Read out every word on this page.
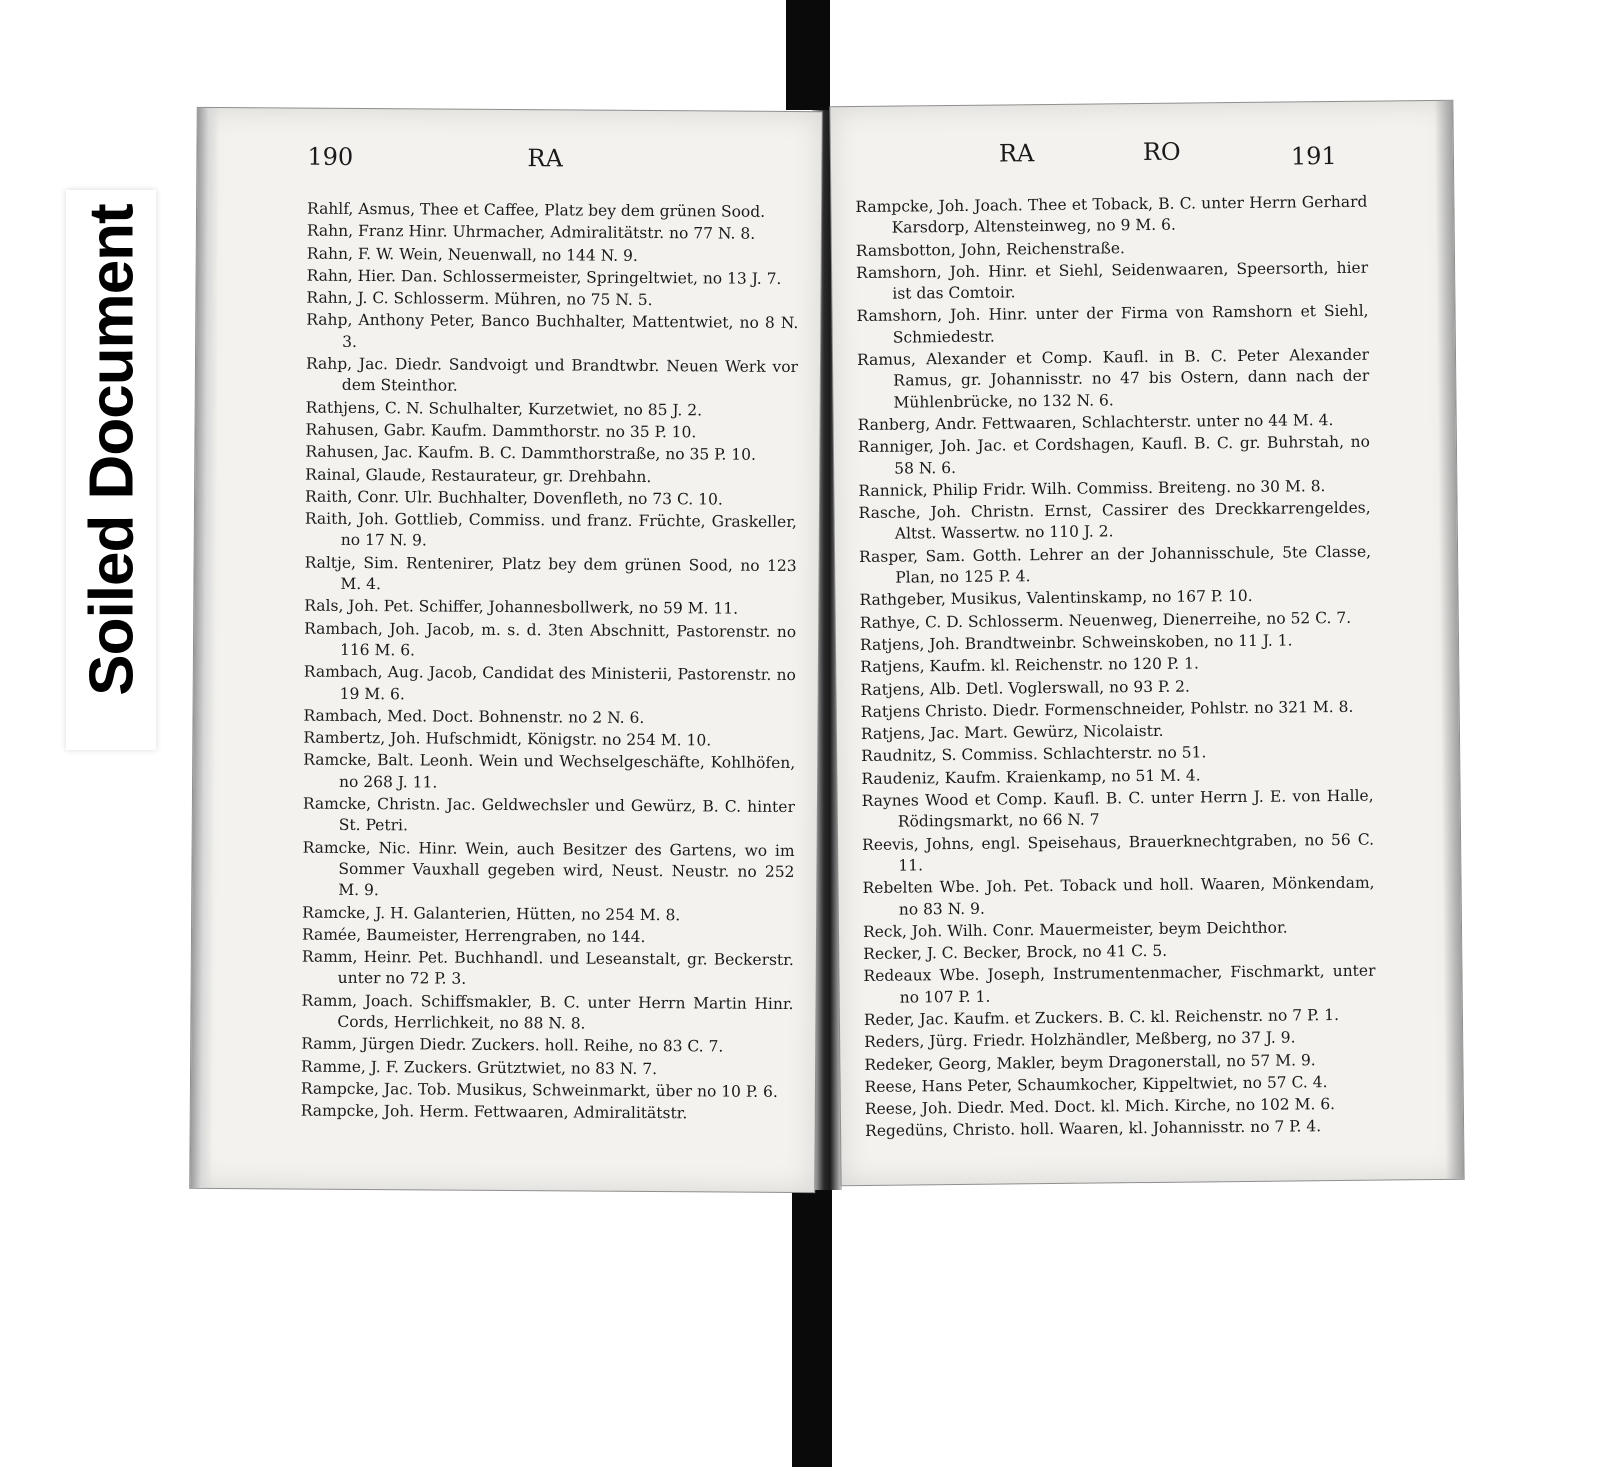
Soiled Document
190	RA
Rahlf, Asmus, Thee et Caffee, Platz bey dem grünen Sood.
Rahn, Franz Hinr. Uhrmacher, Admiralitätstr. no 77 N. 8.
Rahn, F. W. Wein, Neuenwall, no 144 N. 9.
Rahn, Hier. Dan. Schlossermeister, Springeltwiet, no 13 J. 7.
Rahn, J. C. Schlosserm. Mühren, no 75 N. 5.
Rahp, Anthony Peter, Banco Buchhalter, Mattentwiet, no 8 N. 3.
Rahp, Jac. Diedr. Sandvoigt und Brandtwbr. Neuen Werk vor dem Steinthor.
Rathjens, C. N. Schulhalter, Kurzetwiet, no 85 J. 2.
Rahusen, Gabr. Kaufm. Dammthorstr. no 35 P. 10.
Rahusen, Jac. Kaufm. B. C. Dammthorstraße, no 35 P. 10.
Rainal, Glaude, Restaurateur, gr. Drehbahn.
Raith, Conr. Ulr. Buchhalter, Dovenfleth, no 73 C. 10.
Raith, Joh. Gottlieb, Commiss. und franz. Früchte, Graskeller, no 17 N. 9.
Raltje, Sim. Rentenirer, Platz bey dem grünen Sood, no 123 M. 4.
Rals, Joh. Pet. Schiffer, Johannesbollwerk, no 59 M. 11.
Rambach, Joh. Jacob, m. s. d. 3ten Abschnitt, Pastorenstr. no 116 M. 6.
Rambach, Aug. Jacob, Candidat des Ministerii, Pastorenstr. no 19 M. 6.
Rambach, Med. Doct. Bohnenstr. no 2 N. 6.
Rambertz, Joh. Hufschmidt, Königstr. no 254 M. 10.
Ramcke, Balt. Leonh. Wein und Wechselgeschäfte, Kohlhöfen, no 268 J. 11.
Ramcke, Christn. Jac. Geldwechsler und Gewürz, B. C. hinter St. Petri.
Ramcke, Nic. Hinr. Wein, auch Besitzer des Gartens, wo im Sommer Vauxhall gegeben wird, Neust. Neustr. no 252 M. 9.
Ramcke, J. H. Galanterien, Hütten, no 254 M. 8.
Ramée, Baumeister, Herrengraben, no 144.
Ramm, Heinr. Pet. Buchhandl. und Leseanstalt, gr. Beckerstr. unter no 72 P. 3.
Ramm, Joach. Schiffsmakler, B. C. unter Herrn Martin Hinr. Cords, Herrlichkeit, no 88 N. 8.
Ramm, Jürgen Diedr. Zuckers. holl. Reihe, no 83 C. 7.
Ramme, J. F. Zuckers. Grütztwiet, no 83 N. 7.
Rampcke, Jac. Tob. Musikus, Schweinmarkt, über no 10 P. 6.
Rampcke, Joh. Herm. Fettwaaren, Admiralitätstr.
RA	RO	191
Rampcke, Joh. Joach. Thee et Toback, B. C. unter Herrn Gerhard Karsdorp, Altensteinweg, no 9 M. 6.
Ramsbotton, John, Reichenstraße.
Ramshorn, Joh. Hinr. et Siehl, Seidenwaaren, Speersorth, hier ist das Comtoir.
Ramshorn, Joh. Hinr. unter der Firma von Ramshorn et Siehl, Schmiedestr.
Ramus, Alexander et Comp. Kaufl. in B. C. Peter Alexander Ramus, gr. Johannisstr. no 47 bis Ostern, dann nach der Mühlenbrücke, no 132 N. 6.
Ranberg, Andr. Fettwaaren, Schlachterstr. unter no 44 M. 4.
Ranniger, Joh. Jac. et Cordshagen, Kaufl. B. C. gr. Buhrstah, no 58 N. 6.
Rannick, Philip Fridr. Wilh. Commiss. Breiteng. no 30 M. 8.
Rasche, Joh. Christn. Ernst, Cassirer des Dreckkarrengeldes, Altst. Wassertw. no 110 J. 2.
Rasper, Sam. Gotth. Lehrer an der Johannisschule, 5te Classe, Plan, no 125 P. 4.
Rathgeber, Musikus, Valentinskamp, no 167 P. 10.
Rathye, C. D. Schlosserm. Neuenweg, Dienerreihe, no 52 C. 7.
Ratjens, Joh. Brandtweinbr. Schweinskoben, no 11 J. 1.
Ratjens, Kaufm. kl. Reichenstr. no 120 P. 1.
Ratjens, Alb. Detl. Voglerswall, no 93 P. 2.
Ratjens Christo. Diedr. Formenschneider, Pohlstr. no 321 M. 8.
Ratjens, Jac. Mart. Gewürz, Nicolaistr.
Raudnitz, S. Commiss. Schlachterstr. no 51.
Raudeniz, Kaufm. Kraienkamp, no 51 M. 4.
Raynes Wood et Comp. Kaufl. B. C. unter Herrn J. E. von Halle, Rödingsmarkt, no 66 N. 7
Reevis, Johns, engl. Speisehaus, Brauerknechtgraben, no 56 C. 11.
Rebelten Wbe. Joh. Pet. Toback und holl. Waaren, Mönkendam, no 83 N. 9.
Reck, Joh. Wilh. Conr. Mauermeister, beym Deichthor.
Recker, J. C. Becker, Brock, no 41 C. 5.
Redeaux Wbe. Joseph, Instrumentenmacher, Fischmarkt, unter no 107 P. 1.
Reder, Jac. Kaufm. et Zuckers. B. C. kl. Reichenstr. no 7 P. 1.
Reders, Jürg. Friedr. Holzhändler, Meßberg, no 37 J. 9.
Redeker, Georg, Makler, beym Dragonerstall, no 57 M. 9.
Reese, Hans Peter, Schaumkocher, Kippeltwiet, no 57 C. 4.
Reese, Joh. Diedr. Med. Doct. kl. Mich. Kirche, no 102 M. 6.
Regedüns, Christo. holl. Waaren, kl. Johannisstr. no 7 P. 4.
